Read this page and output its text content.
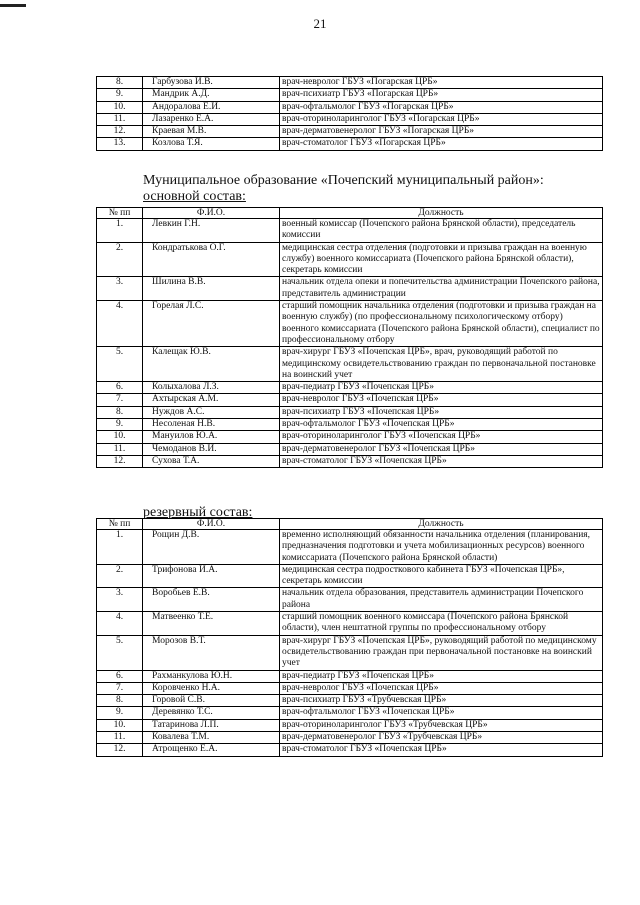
21
8.	Гарбузова И.В.	врач-невролог ГБУЗ «Погарская ЦРБ»
9.	Мандрик А.Д.	врач-психиатр ГБУЗ «Погарская ЦРБ»
10.	Андоралова Е.И.	врач-офтальмолог ГБУЗ «Погарская ЦРБ»
11.	Лазаренко Е.А.	врач-оториноларинголог ГБУЗ «Погарская ЦРБ»
12.	Краевая М.В.	врач-дерматовенеролог ГБУЗ «Погарская ЦРБ»
13.	Козлова Т.Я.	врач-стоматолог ГБУЗ «Погарская ЦРБ»
Муниципальное образование «Почепский муниципальный район»:
основной состав:
№ пп	Ф.И.О.	Должность
1.	Левкин Г.Н.	военный комиссар (Почепского района Брянской области), председатель комиссии
2.	Кондратькова О.Г.	медицинская сестра отделения (подготовки и призыва граждан на военную службу) военного комиссариата (Почепского района Брянской области), секретарь комиссии
3.	Шилина В.В.	начальник отдела опеки и попечительства администрации Почепского района, представитель администрации
4.	Горелая Л.С.	старший помощник начальника отделения (подготовки и призыва граждан на военную службу) (по профессиональному психологическому отбору) военного комиссариата (Почепского района Брянской области), специалист по профессиональному отбору
5.	Калещак Ю.В.	врач-хирург ГБУЗ «Почепская ЦРБ», врач, руководящий работой по медицинскому освидетельствованию граждан по первоначальной постановке на воинский учет
6.	Колыхалова Л.З.	врач-педиатр ГБУЗ «Почепская ЦРБ»
7.	Ахтырская А.М.	врач-невролог ГБУЗ «Почепская ЦРБ»
8.	Нуждов А.С.	врач-психиатр ГБУЗ «Почепская ЦРБ»
9.	Несоленая Н.В.	врач-офтальмолог ГБУЗ «Почепская ЦРБ»
10.	Мануилов Ю.А.	врач-оториноларинголог ГБУЗ «Почепская ЦРБ»
11.	Чемоданов В.И.	врач-дерматовенеролог ГБУЗ «Почепская ЦРБ»
12.	Сухова Т.А.	врач-стоматолог ГБУЗ «Почепская ЦРБ»
резервный состав:
№ пп	Ф.И.О.	Должность
1.	Рощин Д.В.	временно исполняющий обязанности начальника отделения (планирования, предназначения подготовки и учета мобилизационных ресурсов) военного комиссариата (Почепского района Брянской области)
2.	Трифонова И.А.	медицинская сестра подросткового кабинета ГБУЗ «Почепская ЦРБ», секретарь комиссии
3.	Воробьев Е.В.	начальник отдела образования, представитель администрации Почепского района
4.	Матвеенко Т.Е.	старший помощник военного комиссара (Почепского района Брянской области), член нештатной группы по профессиональному отбору
5.	Морозов В.Т.	врач-хирург ГБУЗ «Почепская ЦРБ», руководящий работой по медицинскому освидетельствованию граждан при первоначальной постановке на воинский учет
6.	Рахманкулова Ю.Н.	врач-педиатр ГБУЗ «Почепская ЦРБ»
7.	Коровченко Н.А.	врач-невролог ГБУЗ «Почепская ЦРБ»
8.	Горовой С.В.	врач-психиатр ГБУЗ «Трубчевская ЦРБ»
9.	Деревянко Т.С.	врач-офтальмолог ГБУЗ «Почепская ЦРБ»
10.	Татаринова Л.П.	врач-оториноларинголог ГБУЗ «Трубчевская ЦРБ»
11.	Ковалева Т.М.	врач-дерматовенеролог ГБУЗ «Трубчевская ЦРБ»
12.	Атрощенко Е.А.	врач-стоматолог ГБУЗ «Почепская ЦРБ»
